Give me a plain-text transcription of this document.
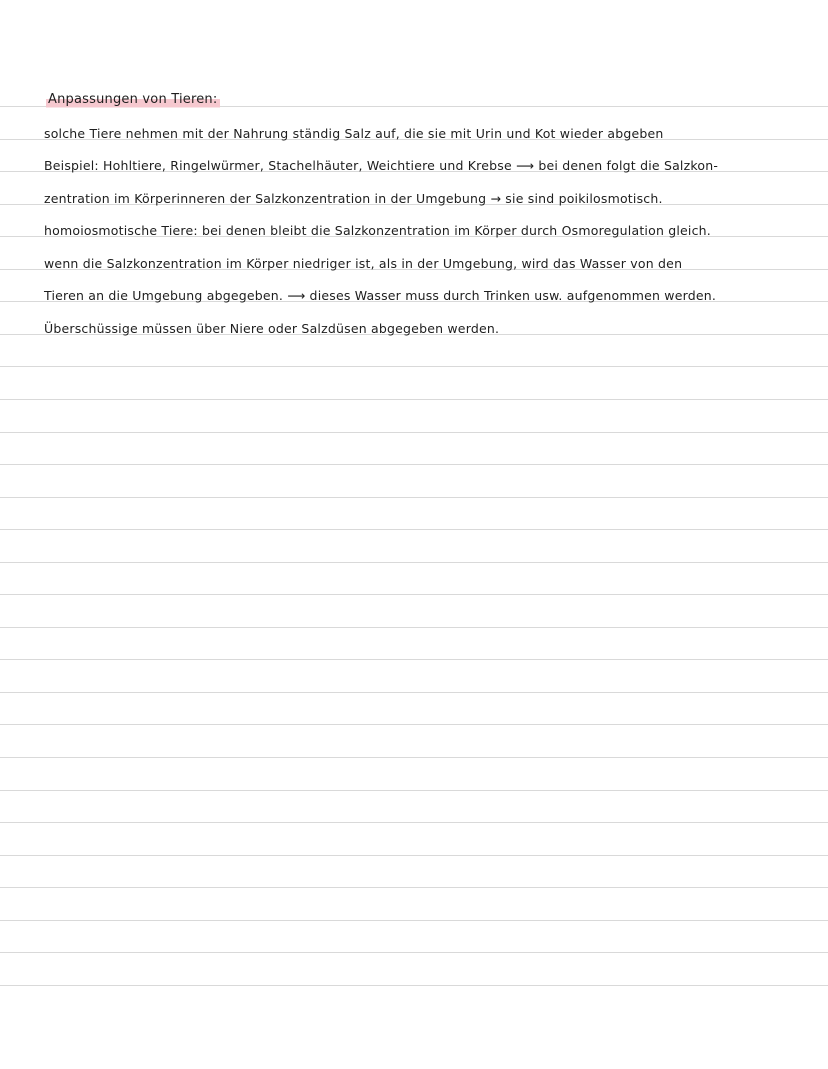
Anpassungen von Tieren:
solche Tiere nehmen mit der Nahrung ständig Salz auf, die sie mit Urin und Kot wieder abgeben
Beispiel: Hohltiere, Ringelwürmer, Stachelhäuter, Weichtiere und Krebse ⟶ bei denen folgt die Salzkon-
zentration im Körperinneren der Salzkonzentration in der Umgebung → sie sind poikilosmotisch.
homoiosmotische Tiere: bei denen bleibt die Salzkonzentration im Körper durch Osmoregulation gleich.
wenn die Salzkonzentration im Körper niedriger ist, als in der Umgebung, wird das Wasser von den
Tieren an die Umgebung abgegeben. ⟶ dieses Wasser muss durch Trinken usw. aufgenommen werden.
Überschüssige müssen über Niere oder Salzdüsen abgegeben werden.
